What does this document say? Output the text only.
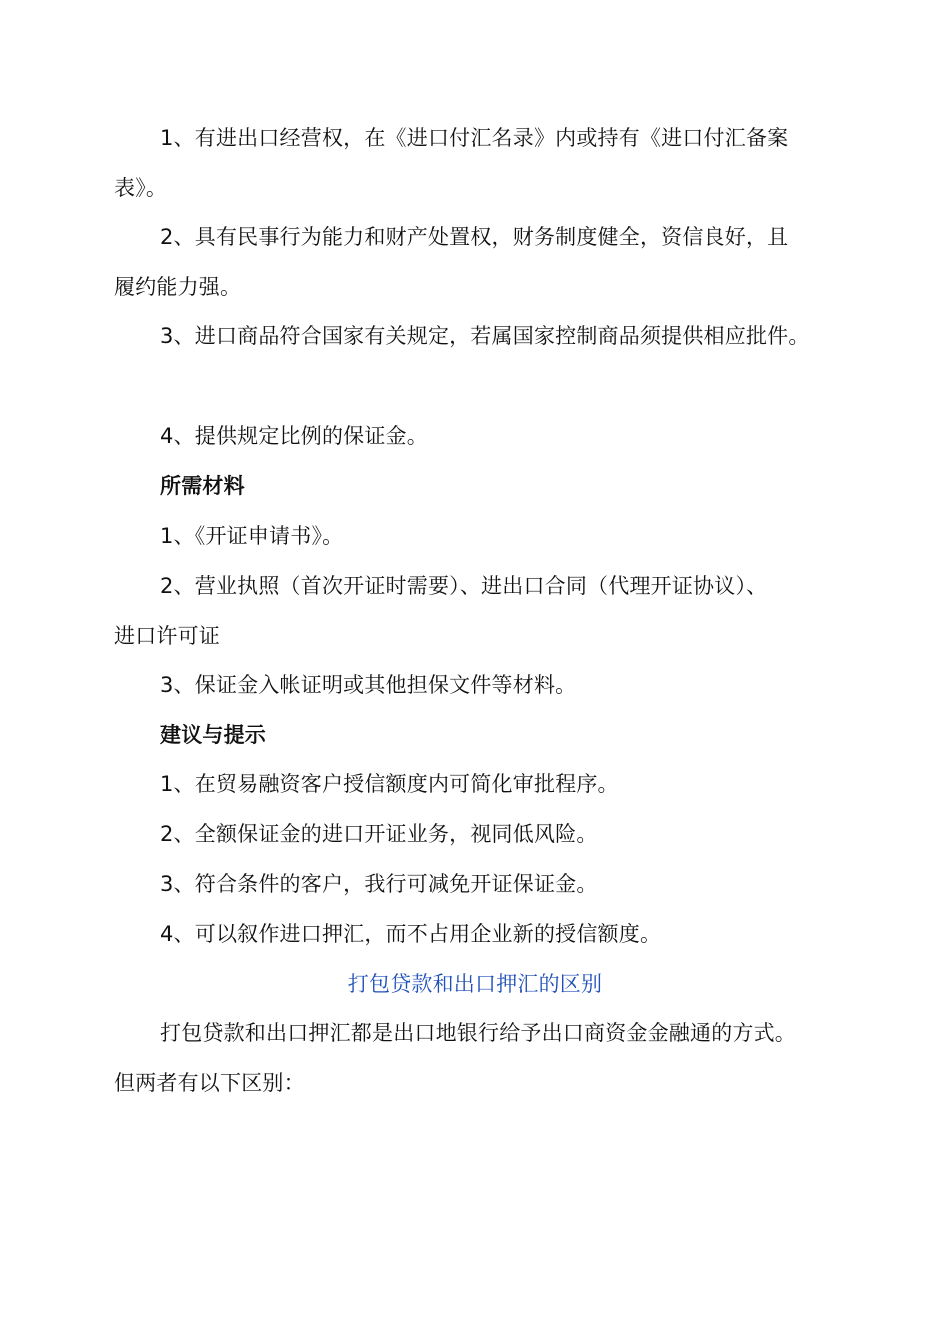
1、有进出口经营权，在《进口付汇名录》内或持有《进口付汇备案
表》。
2、具有民事行为能力和财产处置权，财务制度健全，资信良好，且
履约能力强。
3、进口商品符合国家有关规定，若属国家控制商品须提供相应批件。
4、提供规定比例的保证金。
所需材料
1、《开证申请书》。
2、营业执照（首次开证时需要）、进出口合同（代理开证协议）、
进口许可证
3、保证金入帐证明或其他担保文件等材料。
建议与提示
1、在贸易融资客户授信额度内可简化审批程序。
2、全额保证金的进口开证业务，视同低风险。
3、符合条件的客户，我行可减免开证保证金。
4、可以叙作进口押汇，而不占用企业新的授信额度。
打包贷款和出口押汇的区别
打包贷款和出口押汇都是出口地银行给予出口商资金金融通的方式。
但两者有以下区别：
